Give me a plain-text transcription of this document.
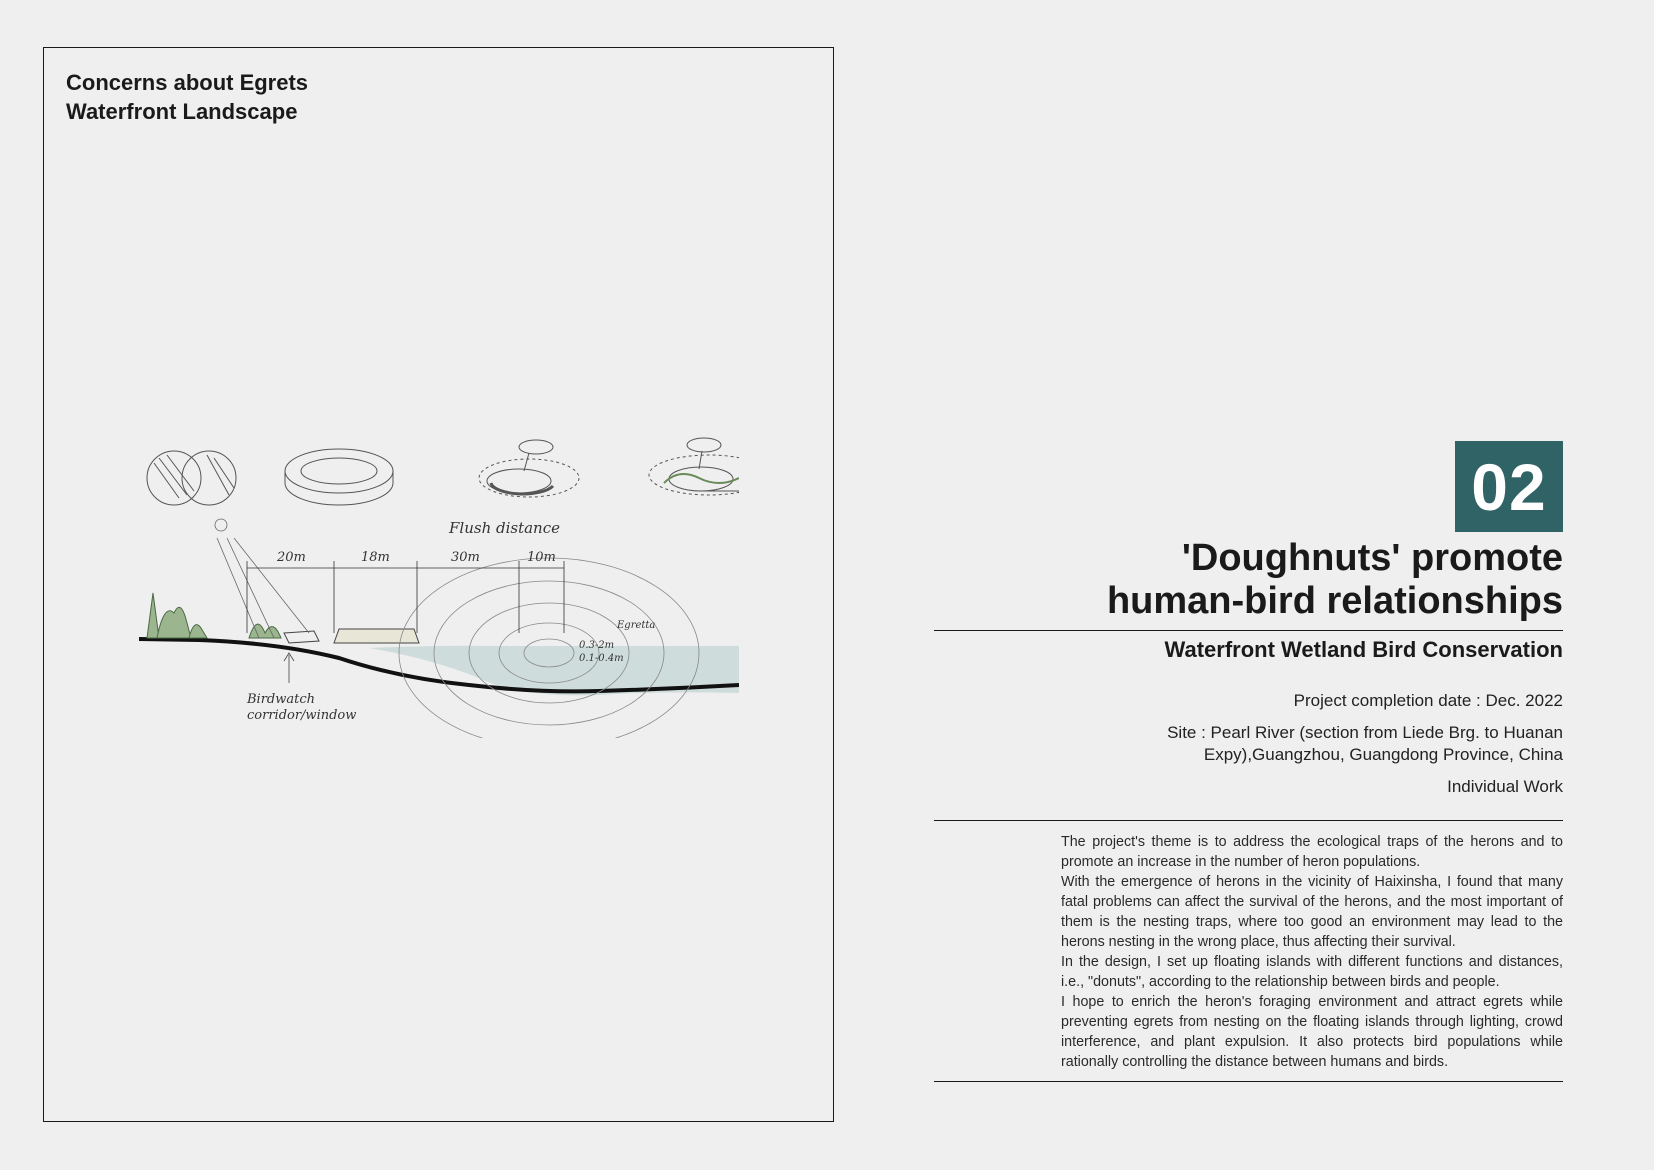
Concerns about Egrets
Waterfront Landscape
20m	18m	30m	10m
Flush distance
Egretta
0.3-2m
0.1-0.4m
Birdwatch
corridor/window
02
'Doughnuts' promote
human-bird relationships
Waterfront Wetland Bird Conservation

Project completion date : Dec. 2022

Site : Pearl River (section from Liede Brg. to Huanan
Expy),Guangzhou, Guangdong Province, China

Individual Work

The project's theme is to address the ecological traps of the herons and to promote an increase in the number of heron populations.

With the emergence of herons in the vicinity of Haixinsha, I found that many fatal problems can affect the survival of the herons, and the most important of them is the nesting traps, where too good an environment may lead to the herons nesting in the wrong place, thus affecting their survival.

In the design, I set up floating islands with different functions and distances, i.e., "donuts", according to the relationship between birds and people.

I hope to enrich the heron's foraging environment and attract egrets while preventing egrets from nesting on the floating islands through lighting, crowd interference, and plant expulsion. It also protects bird populations while rationally controlling the distance between humans and birds.
